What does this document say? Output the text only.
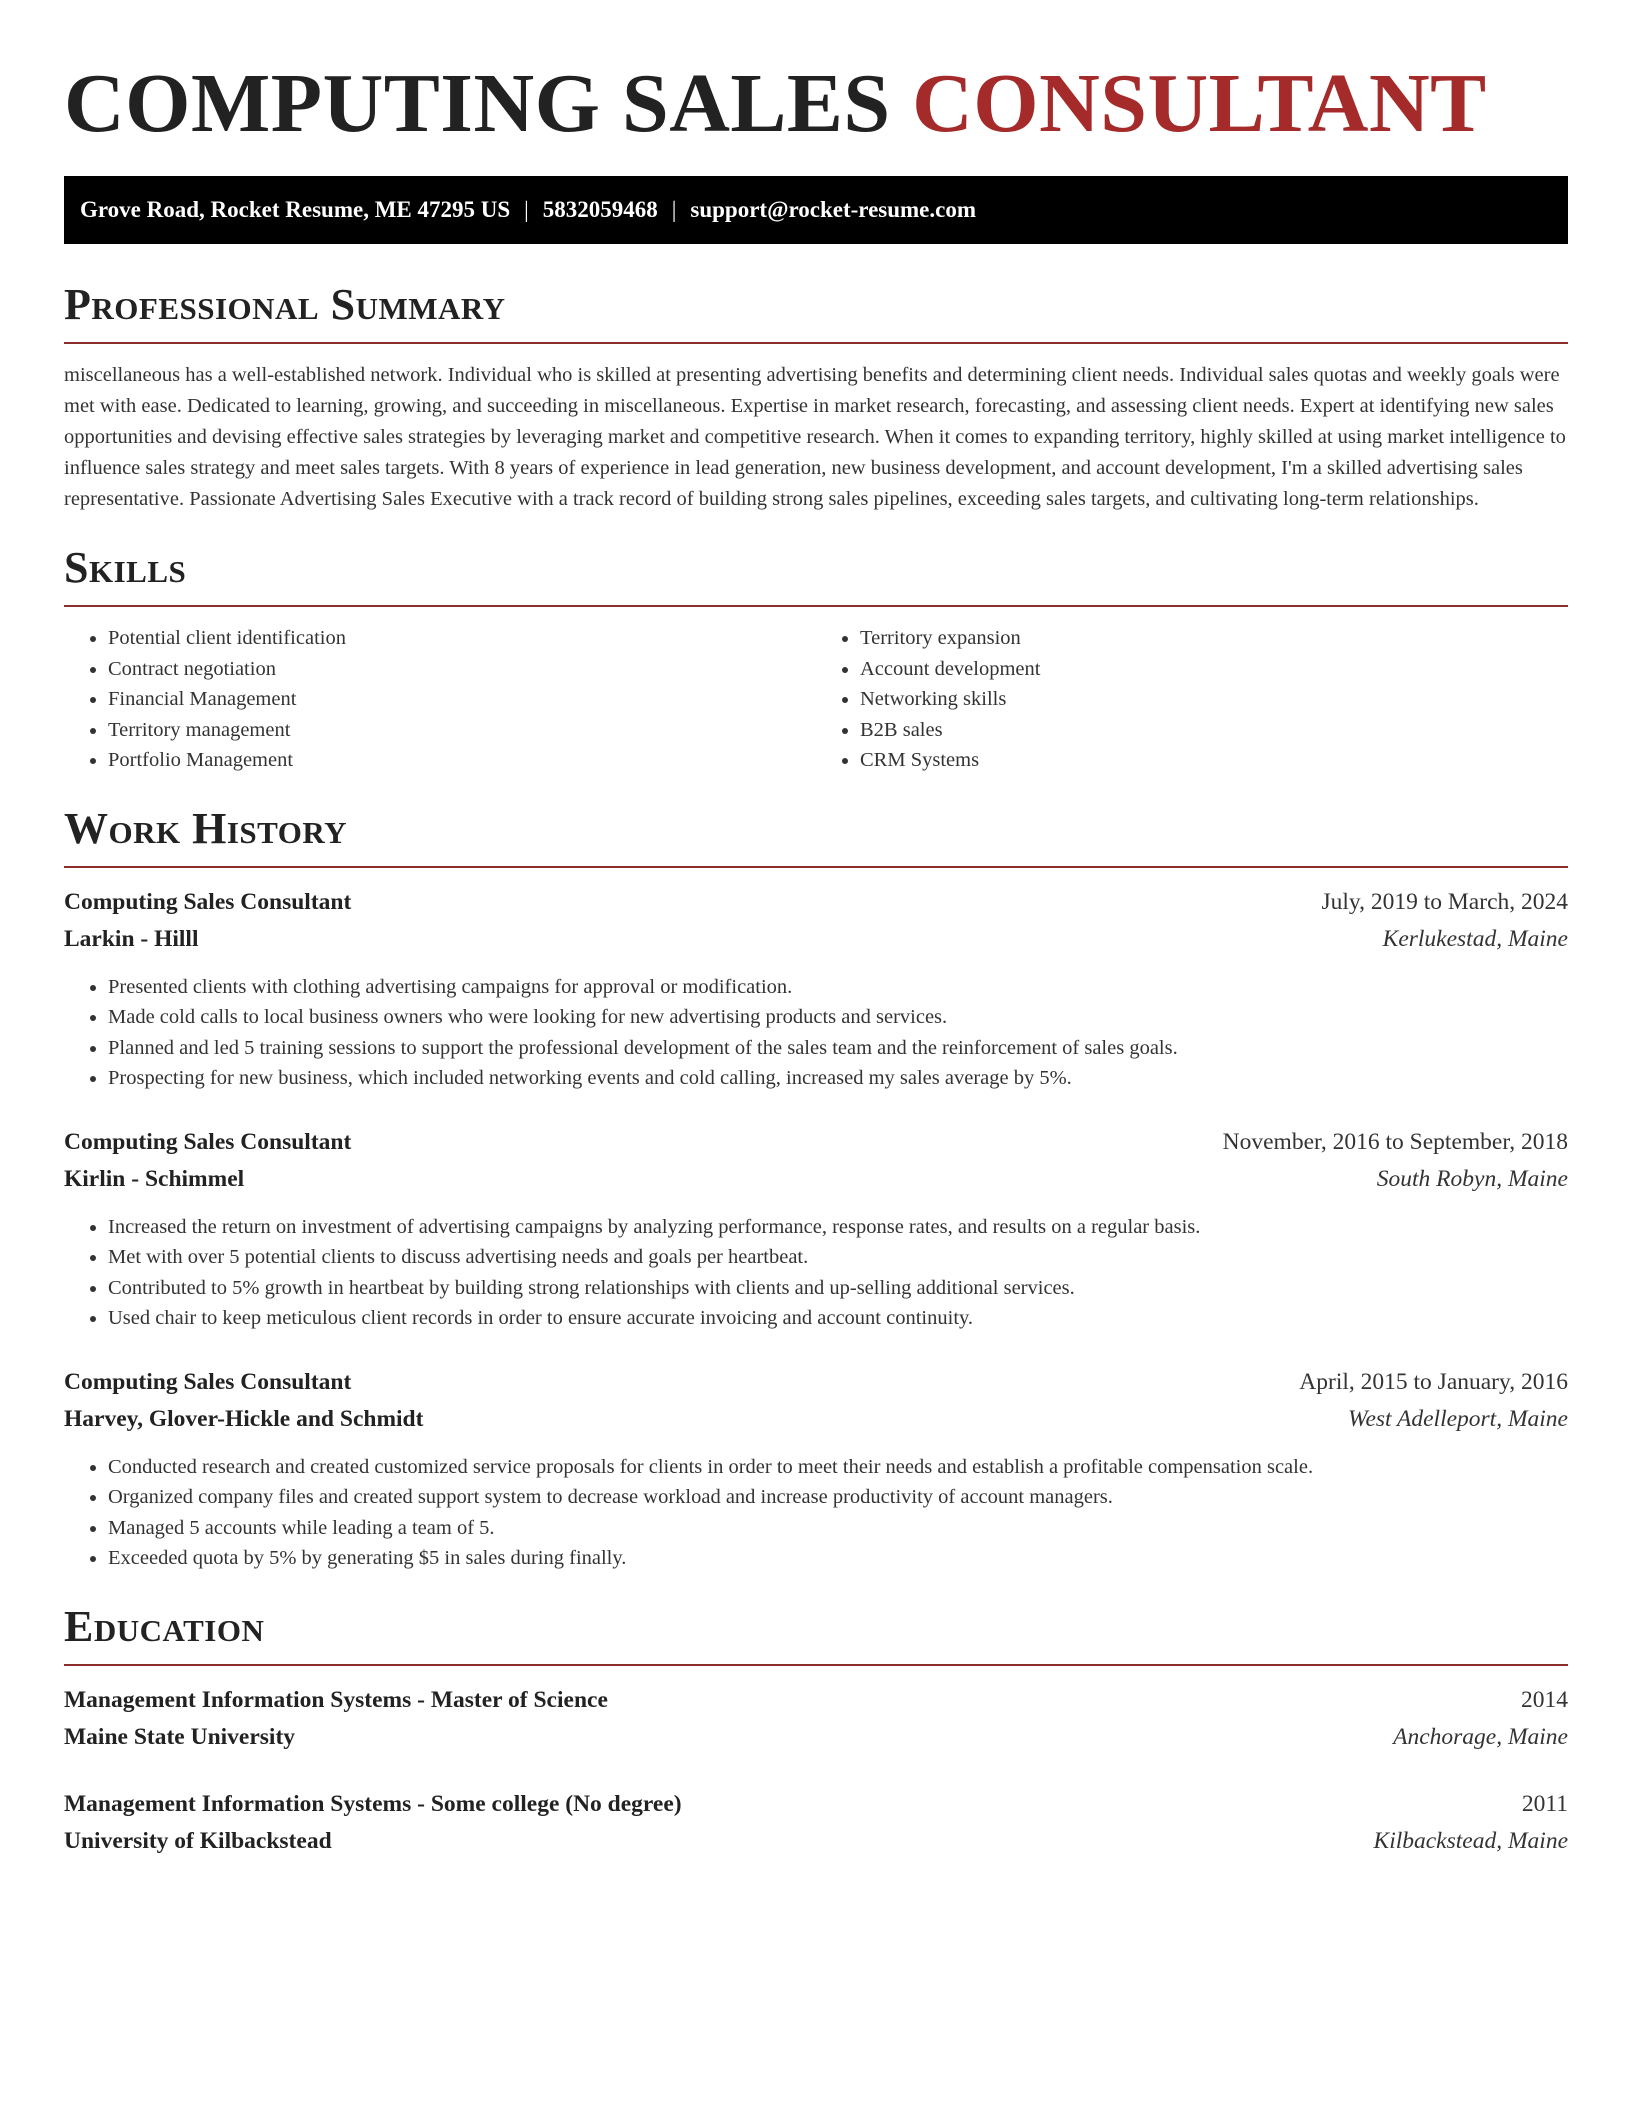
COMPUTING SALES CONSULTANT
Grove Road, Rocket Resume, ME 47295 US | 5832059468 | support@rocket-resume.com
Professional Summary

miscellaneous has a well-established network. Individual who is skilled at presenting advertising benefits and determining client needs. Individual sales quotas and weekly goals were met with ease. Dedicated to learning, growing, and succeeding in miscellaneous. Expertise in market research, forecasting, and assessing client needs. Expert at identifying new sales opportunities and devising effective sales strategies by leveraging market and competitive research. When it comes to expanding territory, highly skilled at using market intelligence to influence sales strategy and meet sales targets. With 8 years of experience in lead generation, new business development, and account development, I'm a skilled advertising sales representative. Passionate Advertising Sales Executive with a track record of building strong sales pipelines, exceeding sales targets, and cultivating long-term relationships.

Skills
• Potential client identification
• Contract negotiation
• Financial Management
• Territory management
• Portfolio Management
• Territory expansion
• Account development
• Networking skills
• B2B sales
• CRM Systems
Work History
Computing Sales Consultant	July, 2019 to March, 2024
Larkin - Hilll	Kerlukestad, Maine
• Presented clients with clothing advertising campaigns for approval or modification.
• Made cold calls to local business owners who were looking for new advertising products and services.
• Planned and led 5 training sessions to support the professional development of the sales team and the reinforcement of sales goals.
• Prospecting for new business, which included networking events and cold calling, increased my sales average by 5%.
Computing Sales Consultant	November, 2016 to September, 2018
Kirlin - Schimmel	South Robyn, Maine
• Increased the return on investment of advertising campaigns by analyzing performance, response rates, and results on a regular basis.
• Met with over 5 potential clients to discuss advertising needs and goals per heartbeat.
• Contributed to 5% growth in heartbeat by building strong relationships with clients and up-selling additional services.
• Used chair to keep meticulous client records in order to ensure accurate invoicing and account continuity.
Computing Sales Consultant	April, 2015 to January, 2016
Harvey, Glover-Hickle and Schmidt	West Adelleport, Maine
• Conducted research and created customized service proposals for clients in order to meet their needs and establish a profitable compensation scale.
• Organized company files and created support system to decrease workload and increase productivity of account managers.
• Managed 5 accounts while leading a team of 5.
• Exceeded quota by 5% by generating $5 in sales during finally.
Education
Management Information Systems - Master of Science	2014
Maine State University	Anchorage, Maine
Management Information Systems - Some college (No degree)	2011
University of Kilbackstead	Kilbackstead, Maine
